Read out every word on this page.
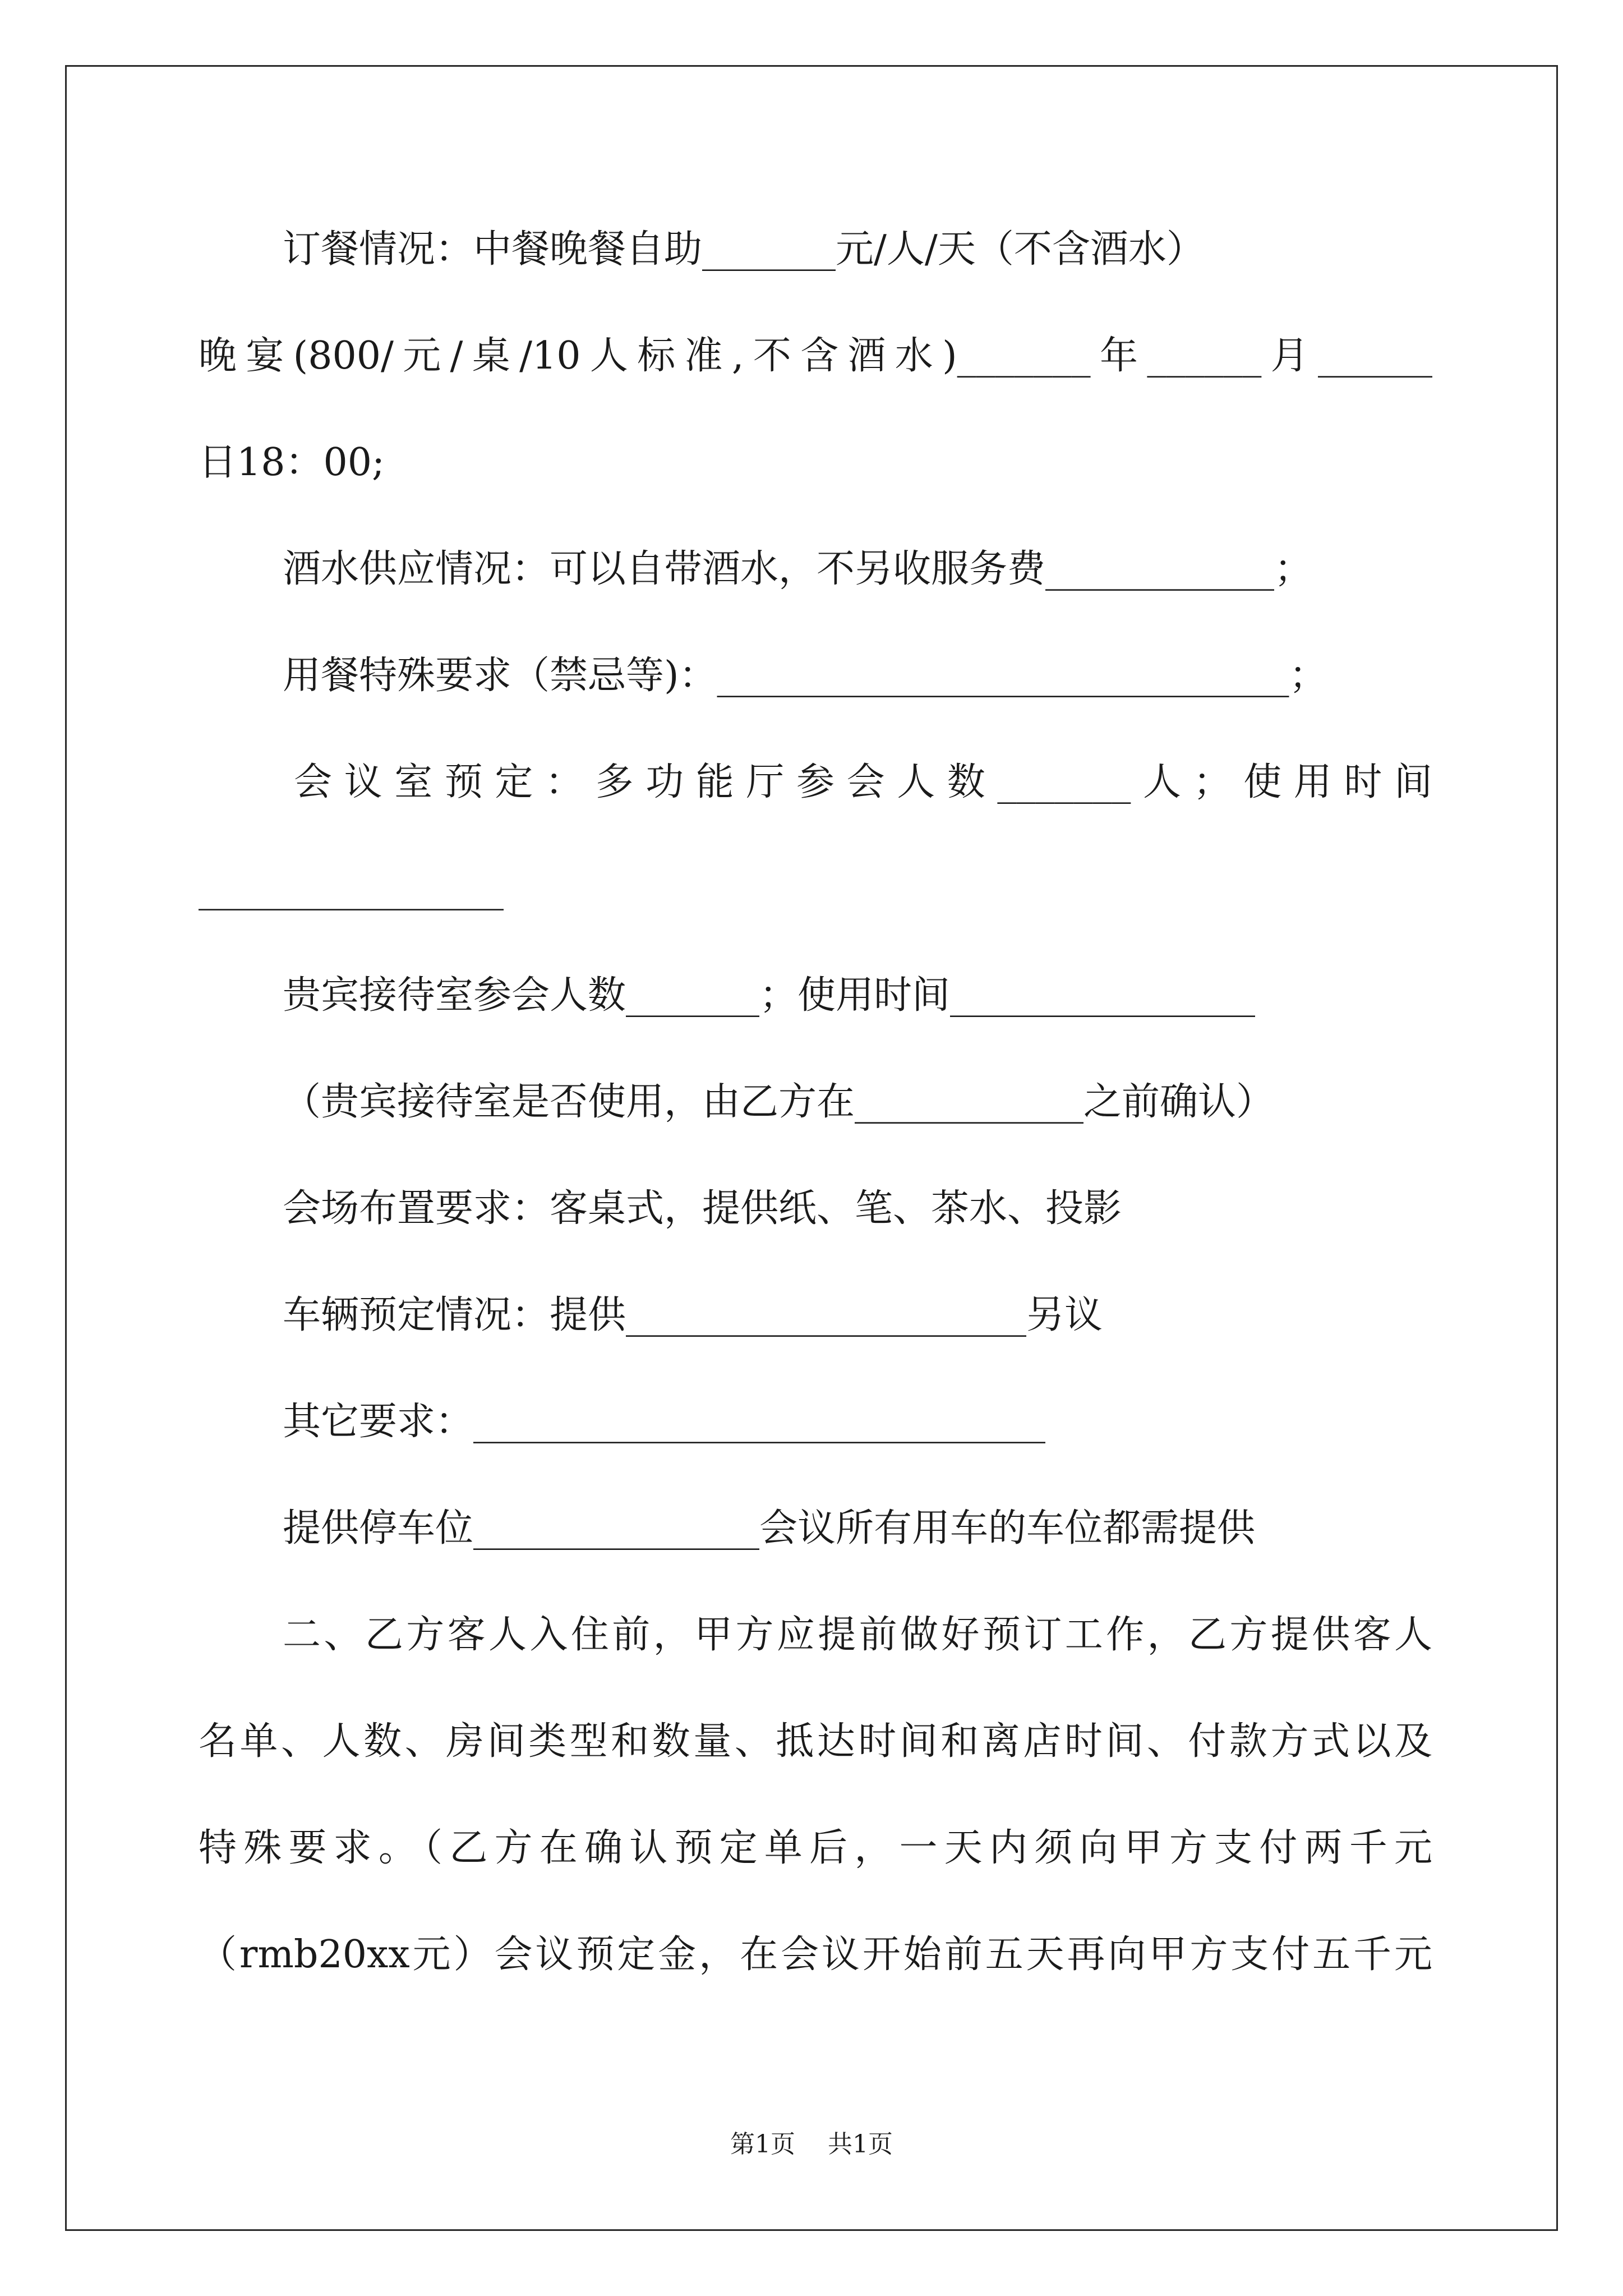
订餐情况：中餐晚餐自助_______元/人/天（不含酒水）
晚宴(800/元/桌/10人标准,不含酒水)_______年______月______
日18：00;
酒水供应情况：可以自带酒水，不另收服务费____________；
用餐特殊要求（禁忌等)：______________________________；
会议室预定：多功能厅参会人数_______人；使用时间
________________
贵宾接待室参会人数_______；使用时间________________
（贵宾接待室是否使用，由乙方在____________之前确认）
会场布置要求：客桌式，提供纸、笔、茶水、投影
车辆预定情况：提供_____________________另议
其它要求：______________________________
提供停车位_______________会议所有用车的车位都需提供
二、乙方客人入住前，甲方应提前做好预订工作，乙方提供客人
名单、人数、房间类型和数量、抵达时间和离店时间、付款方式以及
特殊要求。（乙方在确认预定单后，一天内须向甲方支付两千元
（rmb20xx元）会议预定金，在会议开始前五天再向甲方支付五千元
第1页 共1页
